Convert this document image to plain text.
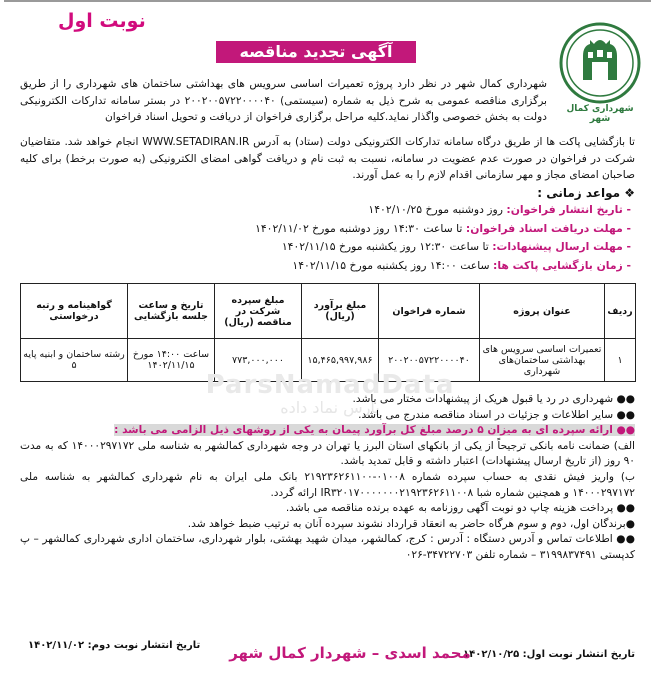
شهرداری کمال شهر
نوبت اول
آگهی تجدید مناقصه عمومی
شهرداری کمال شهر در نظر دارد پروژه تعمیرات اساسی سرویس های بهداشتی ساختمان های شهرداری را از طریق برگزاری مناقصه عمومی به شرح ذیل به شماره (سیستمی) ۲۰۰۲۰۰۵۷۲۲۰۰۰۰۴۰ در بستر سامانه تدارکات الکترونیکی دولت به بخش خصوصی واگذار نماید.کلیه مراحل برگزاری فراخوان از دریافت و تحویل اسناد فراخوان
تا بازگشایی پاکت ها از طریق درگاه سامانه تدارکات الکترونیکی دولت (ستاد) به آدرس WWW.SETADIRAN.IR انجام خواهد شد. متقاضیان شرکت در فراخوان در صورت عدم عضویت در سامانه، نسبت به ثبت نام و دریافت گواهی امضای الکترونیکی (به صورت برخط) برای کلیه صاحبان امضای مجاز و مهر سازمانی اقدام لازم را به عمل آورند.
❖ مواعد زمانی :
- تاریخ انتشار فراخوان: روز دوشنبه مورخ ۱۴۰۲/۱۰/۲۵
- مهلت دریافت اسناد فراخوان: تا ساعت ۱۴:۳۰ روز دوشنبه مورخ ۱۴۰۲/۱۱/۰۲
- مهلت ارسال پیشنهادات: تا ساعت ۱۲:۳۰ روز یکشنبه مورخ ۱۴۰۲/۱۱/۱۵
- زمان بازگشایی پاکت ها: ساعت ۱۴:۰۰ روز یکشنبه مورخ ۱۴۰۲/۱۱/۱۵
ردیف	عنوان پروژه	شماره فراخوان	مبلغ برآورد (ریال)	مبلغ سپرده شرکت در مناقصه (ریال)	تاریخ و ساعت جلسه بازگشایی	گواهینامه و رتبه درخواستی
۱	تعمیرات اساسی سرویس های بهداشتی ساختمان‌های شهرداری	۲۰۰۲۰۰۵۷۲۲۰۰۰۰۴۰	۱۵,۴۶۵,۹۹۷,۹۸۶	۷۷۳,۰۰۰,۰۰۰	ساعت ۱۴:۰۰ مورخ ۱۴۰۲/۱۱/۱۵	رشته ساختمان و ابنیه پایه ۵
ParsNamadData
پارس نماد داده

●● شهرداری در رد یا قبول هریک از پیشنهادات مختار می باشد.

●● سایر اطلاعات و جزئیات در اسناد مناقصه مندرج می باشد.

●● ارائه سپرده ای به میزان ۵ درصد مبلغ کل برآورد پیمان به یکی از روشهای ذیل الزامی می باشد :

الف) ضمانت نامه بانکی ترجیحاً از یکی از بانکهای استان البرز یا تهران در وجه شهرداری کمالشهر به شناسه ملی ۱۴۰۰۰۲۹۷۱۷۲ که به مدت ۹۰ روز (از تاریخ ارسال پیشنهادات) اعتبار داشته و قابل تمدید باشد.

ب) واریز فیش نقدی به حساب سپرده شماره ۰۱۰۰۸-۲۱۹۲۳۶۲۶۱۱۰۰ بانک ملی ایران به نام شهرداری کمالشهر به شناسه ملی ۱۴۰۰۰۲۹۷۱۷۲ و همچنین شماره شبا IR۳۲۰۱۷۰۰۰۰۰۰۰۲۱۹۲۳۶۲۶۱۱۰۰۸ ارائه گردد.

●● پرداخت هزینه چاپ دو نوبت آگهی روزنامه به عهده برنده مناقصه می باشد.

●برندگان اول، دوم و سوم هرگاه حاضر به انعقاد قرارداد نشوند سپرده آنان به ترتیب ضبط خواهد شد.

●● اطلاعات تماس و آدرس دستگاه : آدرس : کرج، کمالشهر، میدان شهید بهشتی، بلوار شهرداری، ساختمان اداری شهرداری کمالشهر – پ کدپستی ۳۱۹۹۸۳۷۴۹۱ – شماره تلفن ۳۴۷۲۲۷۰۳-۰۲۶

تاریخ انتشار نوبت دوم: ۱۴۰۲/۱۱/۰۲
تاریخ انتشار نوبت اول: ۱۴۰۲/۱۰/۲۵
محمد اسدی – شهردار کمال شهر
